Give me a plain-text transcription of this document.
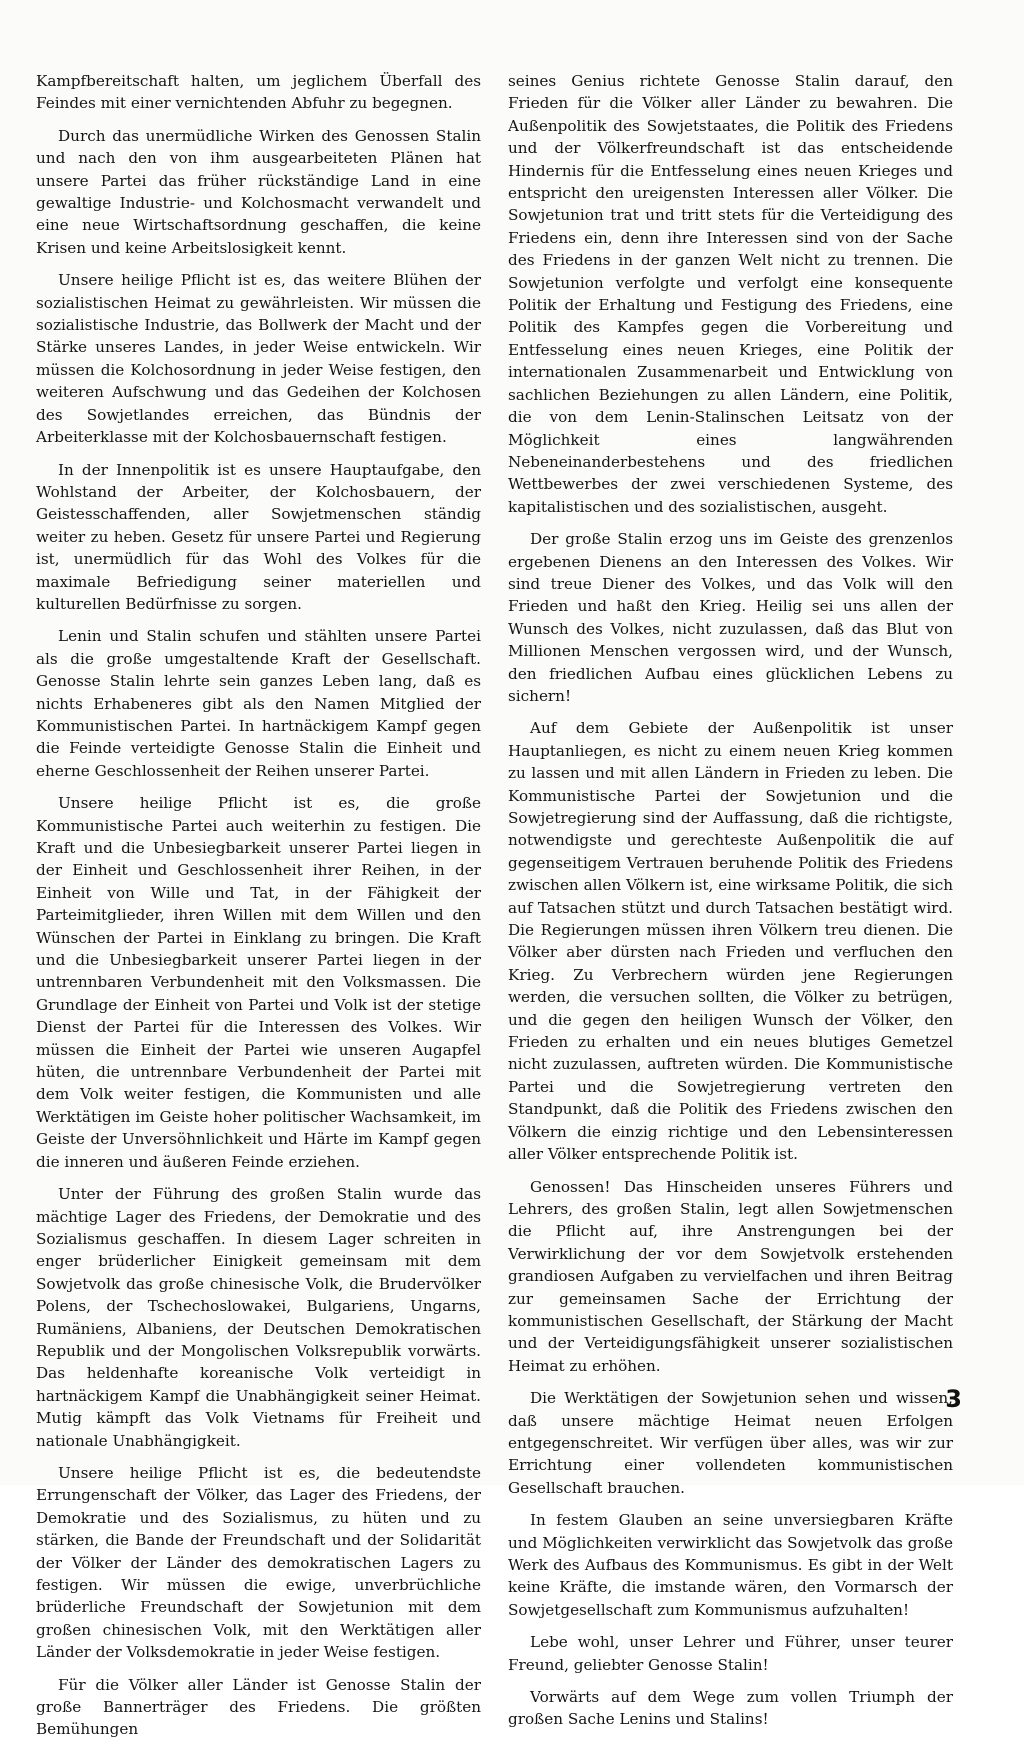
Kampfbereitschaft halten, um jeglichem Überfall des Feindes mit einer vernichtenden Abfuhr zu begegnen.

Durch das unermüdliche Wirken des Genossen Stalin und nach den von ihm ausgearbeiteten Plänen hat unsere Partei das früher rückständige Land in eine gewaltige Industrie- und Kolchosmacht verwandelt und eine neue Wirtschaftsordnung geschaffen, die keine Krisen und keine Arbeitslosigkeit kennt.

Unsere heilige Pflicht ist es, das weitere Blühen der sozialistischen Heimat zu gewährleisten. Wir müssen die sozialistische Industrie, das Bollwerk der Macht und der Stärke unseres Landes, in jeder Weise entwickeln. Wir müssen die Kolchosordnung in jeder Weise festigen, den weiteren Aufschwung und das Gedeihen der Kolchosen des Sowjetlandes erreichen, das Bündnis der Arbeiterklasse mit der Kolchosbauernschaft festigen.

In der Innenpolitik ist es unsere Hauptaufgabe, den Wohlstand der Arbeiter, der Kolchosbauern, der Geistesschaffenden, aller Sowjetmenschen ständig weiter zu heben. Gesetz für unsere Partei und Regierung ist, unermüdlich für das Wohl des Volkes für die maximale Befriedigung seiner materiellen und kulturellen Bedürfnisse zu sorgen.

Lenin und Stalin schufen und stählten unsere Partei als die große umgestaltende Kraft der Gesellschaft. Genosse Stalin lehrte sein ganzes Leben lang, daß es nichts Erhabeneres gibt als den Namen Mitglied der Kommunistischen Partei. In hartnäckigem Kampf gegen die Feinde verteidigte Genosse Stalin die Einheit und eherne Geschlossenheit der Reihen unserer Partei.

Unsere heilige Pflicht ist es, die große Kommunistische Partei auch weiterhin zu festigen. Die Kraft und die Unbesiegbarkeit unserer Partei liegen in der Einheit und Geschlossenheit ihrer Reihen, in der Einheit von Wille und Tat, in der Fähigkeit der Parteimitglieder, ihren Willen mit dem Willen und den Wünschen der Partei in Einklang zu bringen. Die Kraft und die Unbesiegbarkeit unserer Partei liegen in der untrennbaren Verbundenheit mit den Volksmassen. Die Grundlage der Einheit von Partei und Volk ist der stetige Dienst der Partei für die Interessen des Volkes. Wir müssen die Einheit der Partei wie unseren Augapfel hüten, die untrennbare Verbundenheit der Partei mit dem Volk weiter festigen, die Kommunisten und alle Werktätigen im Geiste hoher politischer Wachsamkeit, im Geiste der Unversöhnlichkeit und Härte im Kampf gegen die inneren und äußeren Feinde erziehen.

Unter der Führung des großen Stalin wurde das mächtige Lager des Friedens, der Demokratie und des Sozialismus geschaffen. In diesem Lager schreiten in enger brüderlicher Einigkeit gemeinsam mit dem Sowjetvolk das große chinesische Volk, die Brudervölker Polens, der Tschechoslowakei, Bulgariens, Ungarns, Rumäniens, Albaniens, der Deutschen Demokratischen Republik und der Mongolischen Volksrepublik vorwärts. Das heldenhafte koreanische Volk verteidigt in hartnäckigem Kampf die Unabhängigkeit seiner Heimat. Mutig kämpft das Volk Vietnams für Freiheit und nationale Unabhängigkeit.

Unsere heilige Pflicht ist es, die bedeutendste Errungenschaft der Völker, das Lager des Friedens, der Demokratie und des Sozialismus, zu hüten und zu stärken, die Bande der Freundschaft und der Solidarität der Völker der Länder des demokratischen Lagers zu festigen. Wir müssen die ewige, unverbrüchliche brüderliche Freundschaft der Sowjetunion mit dem großen chinesischen Volk, mit den Werktätigen aller Länder der Volksdemokratie in jeder Weise festigen.

Für die Völker aller Länder ist Genosse Stalin der große Bannerträger des Friedens. Die größten Bemühungen

seines Genius richtete Genosse Stalin darauf, den Frieden für die Völker aller Länder zu bewahren. Die Außenpolitik des Sowjetstaates, die Politik des Friedens und der Völkerfreundschaft ist das entscheidende Hindernis für die Entfesselung eines neuen Krieges und entspricht den ureigensten Interessen aller Völker. Die Sowjetunion trat und tritt stets für die Verteidigung des Friedens ein, denn ihre Interessen sind von der Sache des Friedens in der ganzen Welt nicht zu trennen. Die Sowjetunion verfolgte und verfolgt eine konsequente Politik der Erhaltung und Festigung des Friedens, eine Politik des Kampfes gegen die Vorbereitung und Entfesselung eines neuen Krieges, eine Politik der internationalen Zusammenarbeit und Entwicklung von sachlichen Beziehungen zu allen Ländern, eine Politik, die von dem Lenin-Stalinschen Leitsatz von der Möglichkeit eines langwährenden Nebeneinanderbestehens und des friedlichen Wettbewerbes der zwei verschiedenen Systeme, des kapitalistischen und des sozialistischen, ausgeht.

Der große Stalin erzog uns im Geiste des grenzenlos ergebenen Dienens an den Interessen des Volkes. Wir sind treue Diener des Volkes, und das Volk will den Frieden und haßt den Krieg. Heilig sei uns allen der Wunsch des Volkes, nicht zuzulassen, daß das Blut von Millionen Menschen vergossen wird, und der Wunsch, den friedlichen Aufbau eines glücklichen Lebens zu sichern!

Auf dem Gebiete der Außenpolitik ist unser Hauptanliegen, es nicht zu einem neuen Krieg kommen zu lassen und mit allen Ländern in Frieden zu leben. Die Kommunistische Partei der Sowjetunion und die Sowjetregierung sind der Auffassung, daß die richtigste, notwendigste und gerechteste Außenpolitik die auf gegenseitigem Vertrauen beruhende Politik des Friedens zwischen allen Völkern ist, eine wirksame Politik, die sich auf Tatsachen stützt und durch Tatsachen bestätigt wird. Die Regierungen müssen ihren Völkern treu dienen. Die Völker aber dürsten nach Frieden und verfluchen den Krieg. Zu Verbrechern würden jene Regierungen werden, die versuchen sollten, die Völker zu betrügen, und die gegen den heiligen Wunsch der Völker, den Frieden zu erhalten und ein neues blutiges Gemetzel nicht zuzulassen, auftreten würden. Die Kommunistische Partei und die Sowjetregierung vertreten den Standpunkt, daß die Politik des Friedens zwischen den Völkern die einzig richtige und den Lebensinteressen aller Völker entsprechende Politik ist.

Genossen! Das Hinscheiden unseres Führers und Lehrers, des großen Stalin, legt allen Sowjetmenschen die Pflicht auf, ihre Anstrengungen bei der Verwirklichung der vor dem Sowjetvolk erstehenden grandiosen Aufgaben zu vervielfachen und ihren Beitrag zur gemeinsamen Sache der Errichtung der kommunistischen Gesellschaft, der Stärkung der Macht und der Verteidigungsfähigkeit unserer sozialistischen Heimat zu erhöhen.

Die Werktätigen der Sowjetunion sehen und wissen, daß unsere mächtige Heimat neuen Erfolgen entgegenschreitet. Wir verfügen über alles, was wir zur Errichtung einer vollendeten kommunistischen Gesellschaft brauchen.

In festem Glauben an seine unversiegbaren Kräfte und Möglichkeiten verwirklicht das Sowjetvolk das große Werk des Aufbaus des Kommunismus. Es gibt in der Welt keine Kräfte, die imstande wären, den Vormarsch der Sowjetgesellschaft zum Kommunismus aufzuhalten!

Lebe wohl, unser Lehrer und Führer, unser teurer Freund, geliebter Genosse Stalin!

Vorwärts auf dem Wege zum vollen Triumph der großen Sache Lenins und Stalins!

3
